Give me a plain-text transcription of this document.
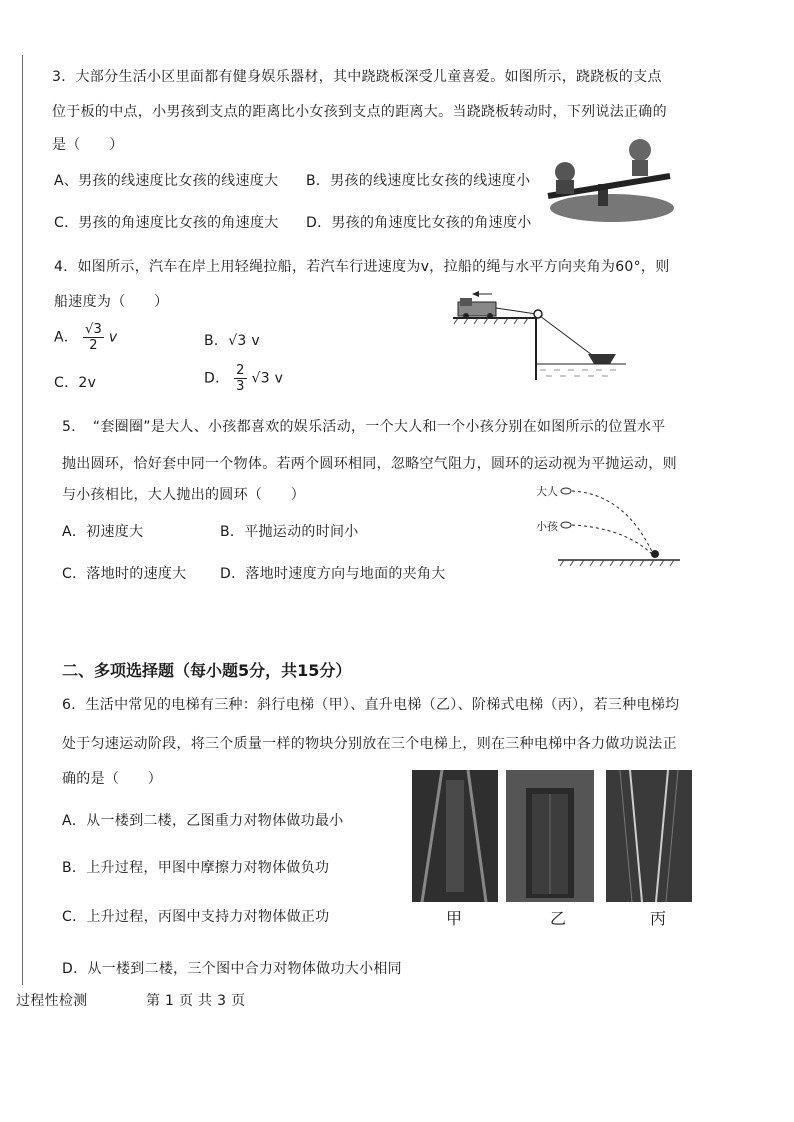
3．大部分生活小区里面都有健身娱乐器材，其中跷跷板深受儿童喜爱。如图所示，跷跷板的支点
位于板的中点，小男孩到支点的距离比小女孩到支点的距离大。当跷跷板转动时，下列说法正确的
是（　　）
A、男孩的线速度比女孩的线速度大 B．男孩的线速度比女孩的线速度小
C．男孩的角速度比女孩的角速度大 D．男孩的角速度比女孩的角速度小
4．如图所示，汽车在岸上用轻绳拉船，若汽车行进速度为v，拉船的绳与水平方向夹角为60°，则
船速度为（　　）
A． $\frac{√3}{2}$ v	B．√3 v
C．2v	D． $\frac{2}{3} √3$ v
5．　“套圈圈”是大人、小孩都喜欢的娱乐活动，一个大人和一个小孩分别在如图所示的位置水平
抛出圆环，恰好套中同一个物体。若两个圆环相同，忽略空气阻力，圆环的运动视为平抛运动，则
与小孩相比，大人抛出的圆环（　　）
A．初速度大	B．平抛运动的时间小
C．落地时的速度大 D．落地时速度方向与地面的夹角大
大人
小孩
二、多项选择题（每小题5分，共15分）
6．生活中常见的电梯有三种：斜行电梯（甲）、直升电梯（乙）、阶梯式电梯（丙），若三种电梯均
处于匀速运动阶段，将三个质量一样的物块分别放在三个电梯上，则在三种电梯中各力做功说法正
确的是（　　）
A．从一楼到二楼，乙图重力对物体做功最小
B．上升过程，甲图中摩擦力对物体做负功
C．上升过程，丙图中支持力对物体做正功
D．从一楼到二楼，三个图中合力对物体做功大小相同
甲	乙	丙
过程性检测	第 1 页 共 3 页
